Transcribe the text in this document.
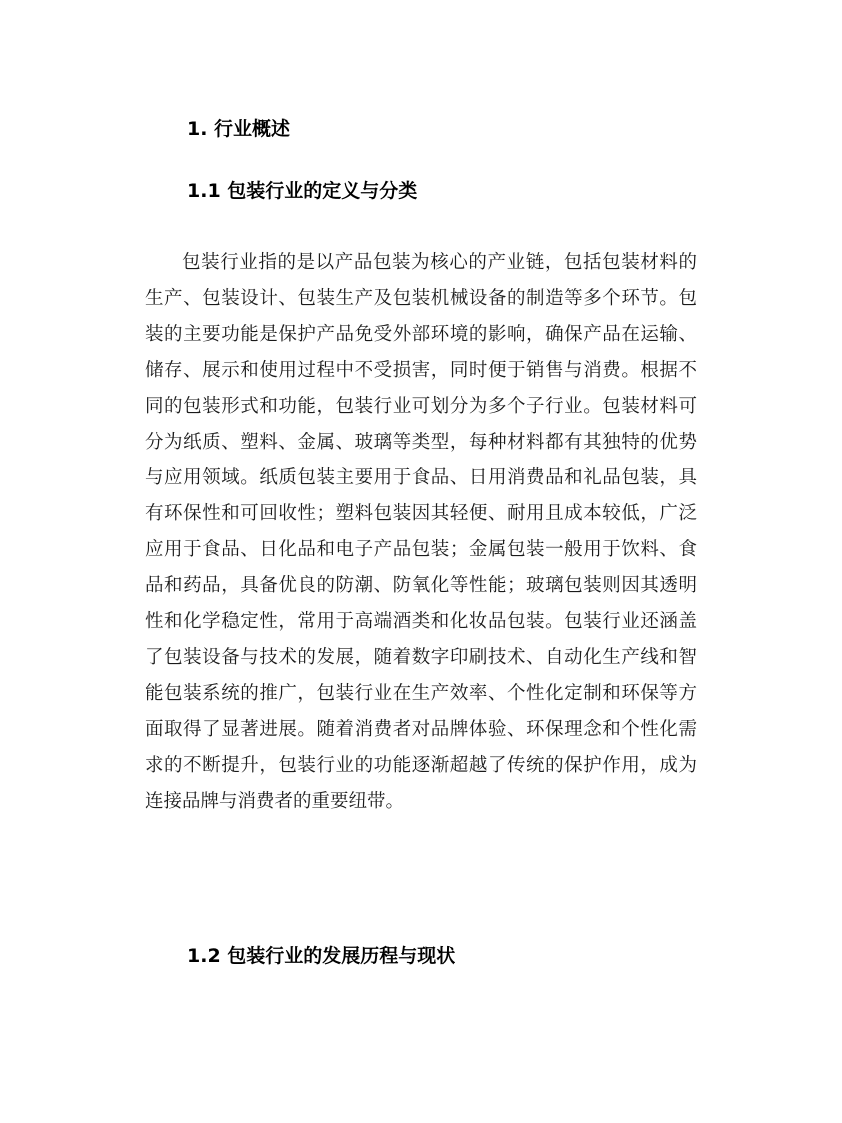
1. 行业概述
1.1 包装行业的定义与分类

包装行业指的是以产品包装为核心的产业链，包括包装材料的生产、包装设计、包装生产及包装机械设备的制造等多个环节。包装的主要功能是保护产品免受外部环境的影响，确保产品在运输、储存、展示和使用过程中不受损害，同时便于销售与消费。根据不同的包装形式和功能，包装行业可划分为多个子行业。包装材料可分为纸质、塑料、金属、玻璃等类型，每种材料都有其独特的优势与应用领域。纸质包装主要用于食品、日用消费品和礼品包装，具有环保性和可回收性；塑料包装因其轻便、耐用且成本较低，广泛应用于食品、日化品和电子产品包装；金属包装一般用于饮料、食品和药品，具备优良的防潮、防氧化等性能；玻璃包装则因其透明性和化学稳定性，常用于高端酒类和化妆品包装。包装行业还涵盖了包装设备与技术的发展，随着数字印刷技术、自动化生产线和智能包装系统的推广，包装行业在生产效率、个性化定制和环保等方面取得了显著进展。随着消费者对品牌体验、环保理念和个性化需求的不断提升，包装行业的功能逐渐超越了传统的保护作用，成为连接品牌与消费者的重要纽带。

1.2 包装行业的发展历程与现状
